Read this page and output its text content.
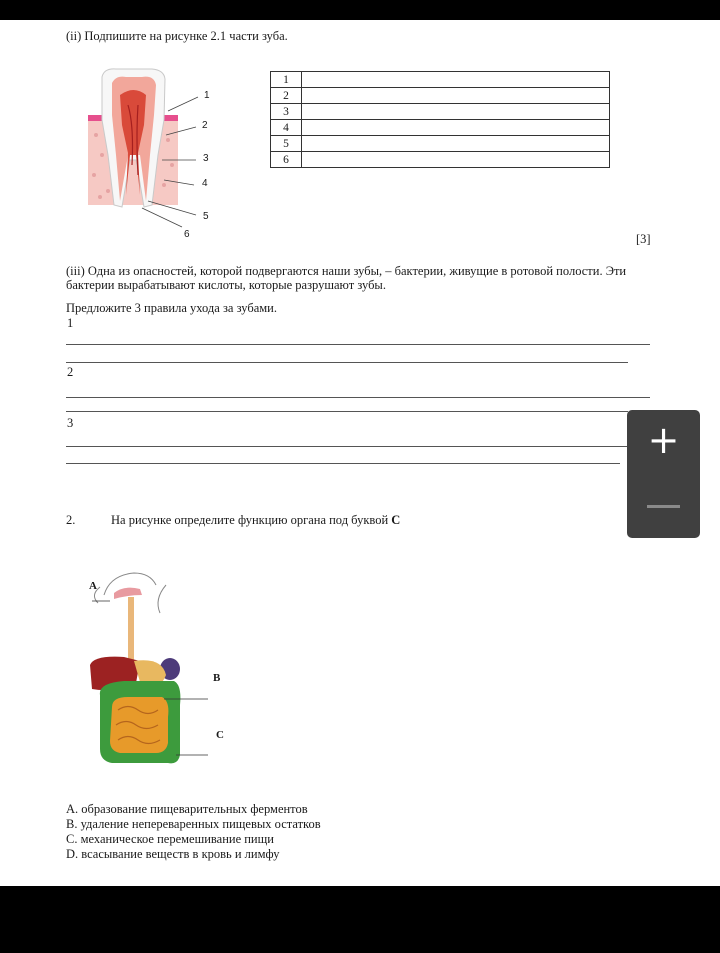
(ii) Подпишите на рисунке 2.1 части зуба.
1
2
3
4
5
6
1	
2	
3	
4	
5	
6	
[3]
(iii) Одна из опасностей, которой подвергаются наши зубы, – бактерии, живущие в ротовой полости. Эти бактерии вырабатывают кислоты, которые разрушают зубы.
Предложите 3 правила ухода за зубами.
1
2
3
2.	На рисунке определите функцию органа под буквой C
A
B
C
A. образование пищеварительных ферментов
B. удаление непереваренных пищевых остатков
C. механическое перемешивание пищи
D. всасывание веществ в кровь и лимфу
+
